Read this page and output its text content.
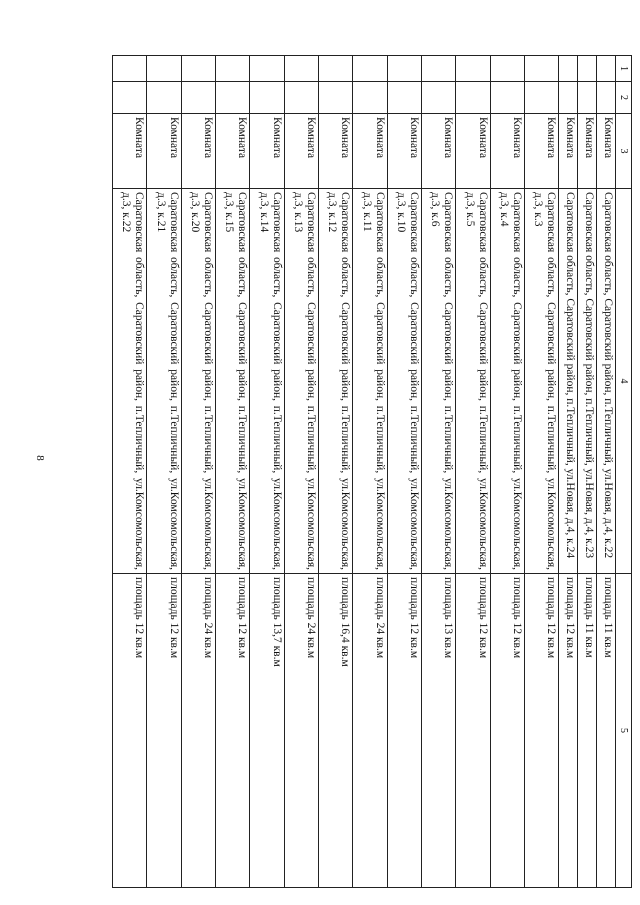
8
1	2	3	4	5
		Комната	Саратовская область, Саратовский район, п.Тепличный, ул.Новая, д.4, к.22	площадь 11 кв.м
		Комната	Саратовская область, Саратовский район, п.Тепличный, ул.Новая, д.4, к.23	площадь 11 кв.м
		Комната	Саратовская область, Саратовский район, п.Тепличный, ул.Новая, д.4, к.24	площадь 12 кв.м
		Комната	Саратовская область, Саратовский район, п.Тепличный, ул.Комсомольская, д.3, к.3	площадь 12 кв.м
		Комната	Саратовская область, Саратовский район, п.Тепличный, ул.Комсомольская, д.3, к.4	площадь 12 кв.м
		Комната	Саратовская область, Саратовский район, п.Тепличный, ул.Комсомольская, д.3, к.5	площадь 12 кв.м
		Комната	Саратовская область, Саратовский район, п.Тепличный, ул.Комсомольская, д.3, к.6	площадь 13 кв.м
		Комната	Саратовская область, Саратовский район, п.Тепличный, ул.Комсомольская, д.3, к.10	площадь 12 кв.м
		Комната	Саратовская область, Саратовский район, п.Тепличный, ул.Комсомольская, д.3, к.11	площадь 24 кв.м
		Комната	Саратовская область, Саратовский район, п.Тепличный, ул.Комсомольская, д.3, к.12	площадь 16,4 кв.м
		Комната	Саратовская область, Саратовский район, п.Тепличный, ул.Комсомольская, д.3, к.13	площадь 24 кв.м
		Комната	Саратовская область, Саратовский район, п.Тепличный, ул.Комсомольская, д.3, к.14	площадь 13,7 кв.м
		Комната	Саратовская область, Саратовский район, п.Тепличный, ул.Комсомольская, д.3, к.15	площадь 12 кв.м
		Комната	Саратовская область, Саратовский район, п.Тепличный, ул.Комсомольская, д.3, к.20	площадь 24 кв.м
		Комната	Саратовская область, Саратовский район, п.Тепличный, ул.Комсомольская, д.3, к.21	площадь 12 кв.м
		Комната	Саратовская область, Саратовский район, п.Тепличный, ул.Комсомольская, д.3, к.22	площадь 12 кв.м
